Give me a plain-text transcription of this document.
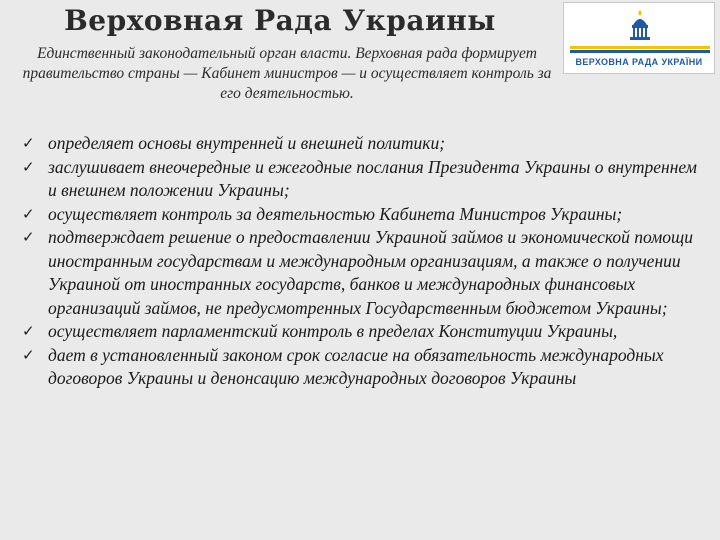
Верховная Рада Украины
Единственный законодательный орган власти. Верховная рада формирует правительство страны — Кабинет министров — и осуществляет контроль за его деятельностью.
ВЕРХОВНА РАДА УКРАЇНИ
✓ определяет основы внутренней и внешней политики;
✓ заслушивает внеочередные и ежегодные послания Президента Украины о внутреннем и внешнем положении Украины;
✓ осуществляет контроль за деятельностью Кабинета Министров Украины;
✓ подтверждает решение о предоставлении Украиной займов и экономической помощи иностранным государствам и международным организациям, а также о получении Украиной от иностранных государств, банков и международных финансовых организаций займов, не предусмотренных Государственным бюджетом Украины;
✓ осуществляет парламентский контроль в пределах Конституции Украины,
✓ дает в установленный законом срок согласие на обязательность международных договоров Украины и денонсацию международных договоров Украины
